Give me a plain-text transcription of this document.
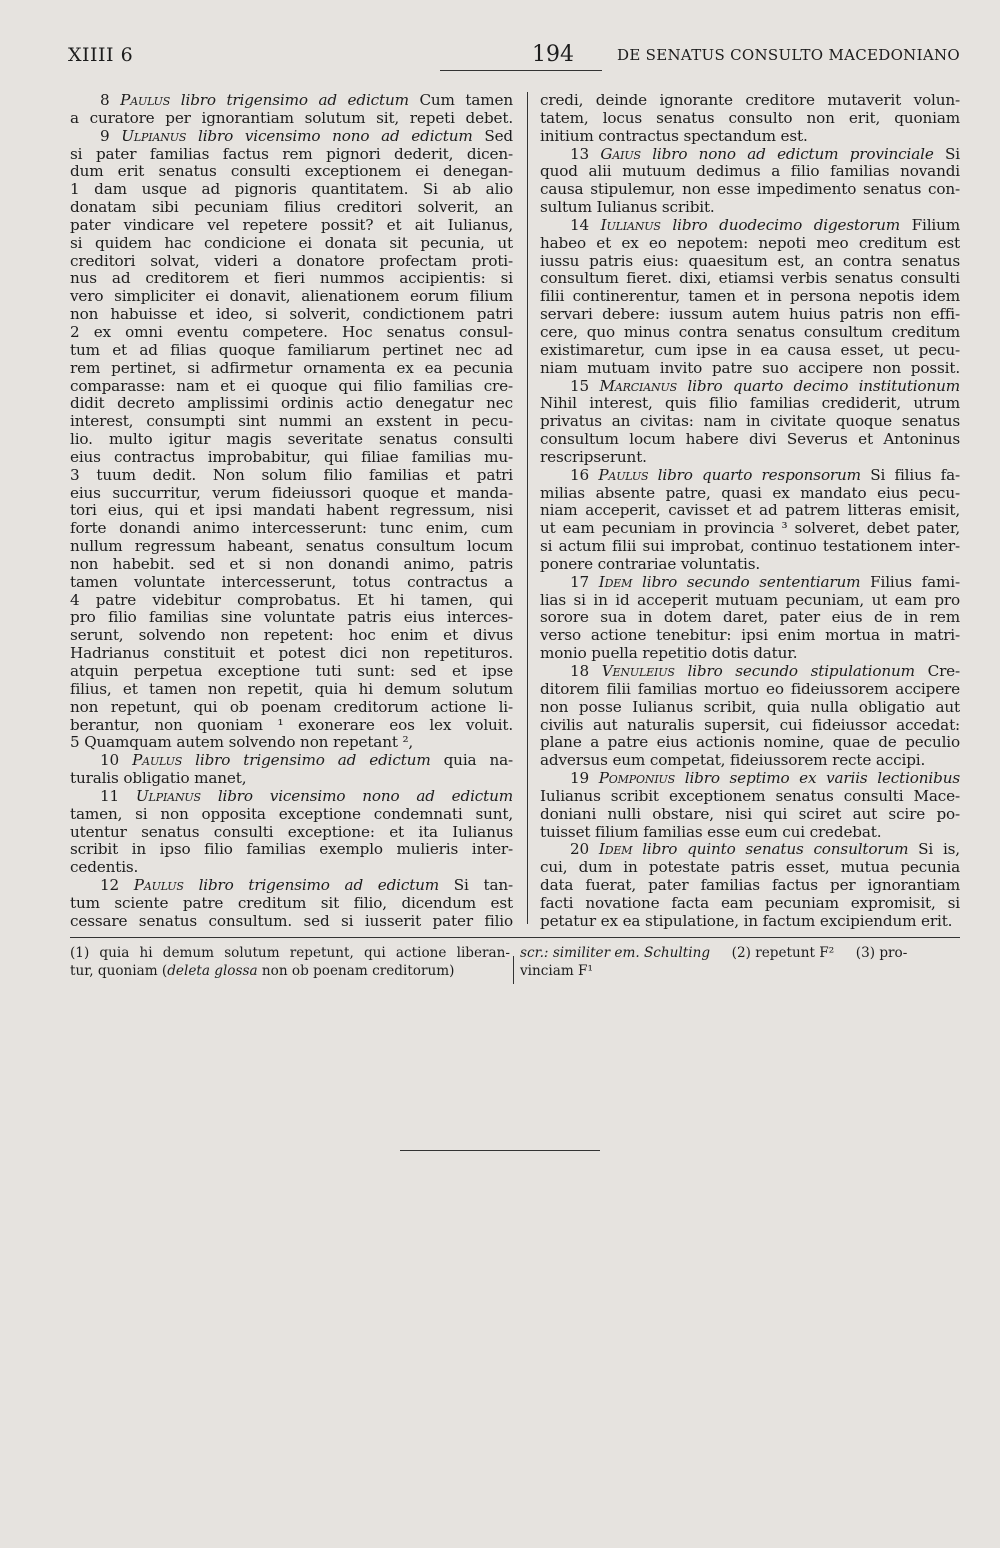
XIIII 6	194	DE SENATUS CONSULTO MACEDONIANO
8 Paulus libro trigensimo ad edictum Cum tamen
a curatore per ignorantiam solutum sit, repeti debet.
9 Ulpianus libro vicensimo nono ad edictum Sed
si pater familias factus rem pignori dederit, dicen-
dum erit senatus consulti exceptionem ei denegan-
1 dam usque ad pignoris quantitatem. Si ab alio
donatam sibi pecuniam filius creditori solverit, an
pater vindicare vel repetere possit? et ait Iulianus,
si quidem hac condicione ei donata sit pecunia, ut
creditori solvat, videri a donatore profectam proti-
nus ad creditorem et fieri nummos accipientis: si
vero simpliciter ei donavit, alienationem eorum filium
non habuisse et ideo, si solverit, condictionem patri
2 ex omni eventu competere. Hoc senatus consul-
tum et ad filias quoque familiarum pertinet nec ad
rem pertinet, si adfirmetur ornamenta ex ea pecunia
comparasse: nam et ei quoque qui filio familias cre-
didit decreto amplissimi ordinis actio denegatur nec
interest, consumpti sint nummi an exstent in pecu-
lio. multo igitur magis severitate senatus consulti
eius contractus improbabitur, qui filiae familias mu-
3 tuum dedit. Non solum filio familias et patri
eius succurritur, verum fideiussori quoque et manda-
tori eius, qui et ipsi mandati habent regressum, nisi
forte donandi animo intercesserunt: tunc enim, cum
nullum regressum habeant, senatus consultum locum
non habebit. sed et si non donandi animo, patris
tamen voluntate intercesserunt, totus contractus a
4 patre videbitur comprobatus. Et hi tamen, qui
pro filio familias sine voluntate patris eius interces-
serunt, solvendo non repetent: hoc enim et divus
Hadrianus constituit et potest dici non repetituros.
atquin perpetua exceptione tuti sunt: sed et ipse
filius, et tamen non repetit, quia hi demum solutum
non repetunt, qui ob poenam creditorum actione li-
berantur, non quoniam ¹ exonerare eos lex voluit.
5 Quamquam autem solvendo non repetant ²,
10 Paulus libro trigensimo ad edictum quia na-
turalis obligatio manet,
11 Ulpianus libro vicensimo nono ad edictum
tamen, si non opposita exceptione condemnati sunt,
utentur senatus consulti exceptione: et ita Iulianus
scribit in ipso filio familias exemplo mulieris inter-
cedentis.
12 Paulus libro trigensimo ad edictum Si tan-
tum sciente patre creditum sit filio, dicendum est
cessare senatus consultum. sed si iusserit pater filio
credi, deinde ignorante creditore mutaverit volun-
tatem, locus senatus consulto non erit, quoniam
initium contractus spectandum est.
13 Gaius libro nono ad edictum provinciale Si
quod alii mutuum dedimus a filio familias novandi
causa stipulemur, non esse impedimento senatus con-
sultum Iulianus scribit.
14 Iulianus libro duodecimo digestorum Filium
habeo et ex eo nepotem: nepoti meo creditum est
iussu patris eius: quaesitum est, an contra senatus
consultum fieret. dixi, etiamsi verbis senatus consulti
filii continerentur, tamen et in persona nepotis idem
servari debere: iussum autem huius patris non effi-
cere, quo minus contra senatus consultum creditum
existimaretur, cum ipse in ea causa esset, ut pecu-
niam mutuam invito patre suo accipere non possit.
15 Marcianus libro quarto decimo institutionum
Nihil interest, quis filio familias crediderit, utrum
privatus an civitas: nam in civitate quoque senatus
consultum locum habere divi Severus et Antoninus
rescripserunt.
16 Paulus libro quarto responsorum Si filius fa-
milias absente patre, quasi ex mandato eius pecu-
niam acceperit, cavisset et ad patrem litteras emisit,
ut eam pecuniam in provincia ³ solveret, debet pater,
si actum filii sui improbat, continuo testationem inter-
ponere contrariae voluntatis.
17 Idem libro secundo sententiarum Filius fami-
lias si in id acceperit mutuam pecuniam, ut eam pro
sorore sua in dotem daret, pater eius de in rem
verso actione tenebitur: ipsi enim mortua in matri-
monio puella repetitio dotis datur.
18 Venuleius libro secundo stipulationum Cre-
ditorem filii familias mortuo eo fideiussorem accipere
non posse Iulianus scribit, quia nulla obligatio aut
civilis aut naturalis supersit, cui fideiussor accedat:
plane a patre eius actionis nomine, quae de peculio
adversus eum competat, fideiussorem recte accipi.
19 Pomponius libro septimo ex variis lectionibus
Iulianus scribit exceptionem senatus consulti Mace-
doniani nulli obstare, nisi qui sciret aut scire po-
tuisset filium familias esse eum cui credebat.
20 Idem libro quinto senatus consultorum Si is,
cui, dum in potestate patris esset, mutua pecunia
data fuerat, pater familias factus per ignorantiam
facti novatione facta eam pecuniam expromisit, si
petatur ex ea stipulatione, in factum excipiendum erit.
(1) quia hi demum solutum repetunt, qui actione liberan-
tur, quoniam (deleta glossa non ob poenam creditorum)
scr.: similiter em. Schulting (2) repetunt F² (3) pro-
vinciam F¹
